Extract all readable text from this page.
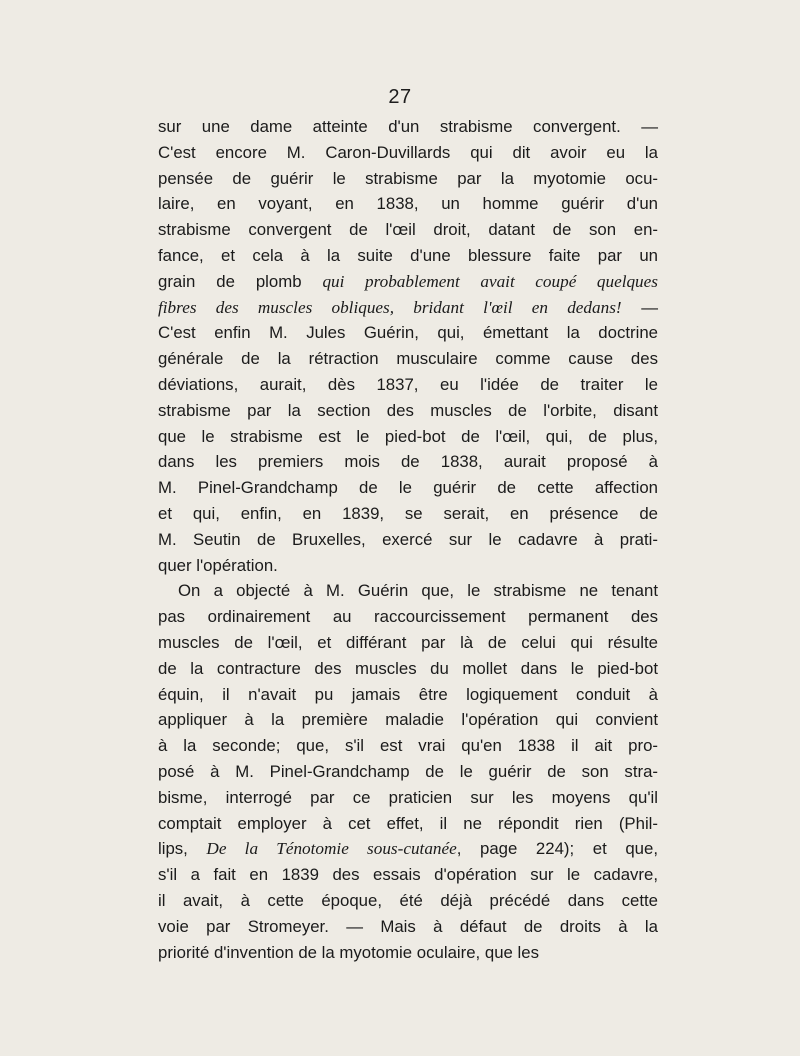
27
sur une dame atteinte d'un strabisme convergent. —
C'est encore M. Caron-Duvillards qui dit avoir eu la
pensée de guérir le strabisme par la myotomie ocu-
laire, en voyant, en 1838, un homme guérir d'un
strabisme convergent de l'œil droit, datant de son en-
fance, et cela à la suite d'une blessure faite par un
grain de plomb qui probablement avait coupé quelques
fibres des muscles obliques, bridant l'œil en dedans! —
C'est enfin M. Jules Guérin, qui, émettant la doctrine
générale de la rétraction musculaire comme cause des
déviations, aurait, dès 1837, eu l'idée de traiter le
strabisme par la section des muscles de l'orbite, disant
que le strabisme est le pied-bot de l'œil, qui, de plus,
dans les premiers mois de 1838, aurait proposé à
M. Pinel-Grandchamp de le guérir de cette affection
et qui, enfin, en 1839, se serait, en présence de
M. Seutin de Bruxelles, exercé sur le cadavre à prati-
quer l'opération.
On a objecté à M. Guérin que, le strabisme ne tenant
pas ordinairement au raccourcissement permanent des
muscles de l'œil, et différant par là de celui qui résulte
de la contracture des muscles du mollet dans le pied-bot
équin, il n'avait pu jamais être logiquement conduit à
appliquer à la première maladie l'opération qui convient
à la seconde; que, s'il est vrai qu'en 1838 il ait pro-
posé à M. Pinel-Grandchamp de le guérir de son stra-
bisme, interrogé par ce praticien sur les moyens qu'il
comptait employer à cet effet, il ne répondit rien (Phil-
lips, De la Ténotomie sous-cutanée, page 224); et que,
s'il a fait en 1839 des essais d'opération sur le cadavre,
il avait, à cette époque, été déjà précédé dans cette
voie par Stromeyer. — Mais à défaut de droits à la
priorité d'invention de la myotomie oculaire, que les
